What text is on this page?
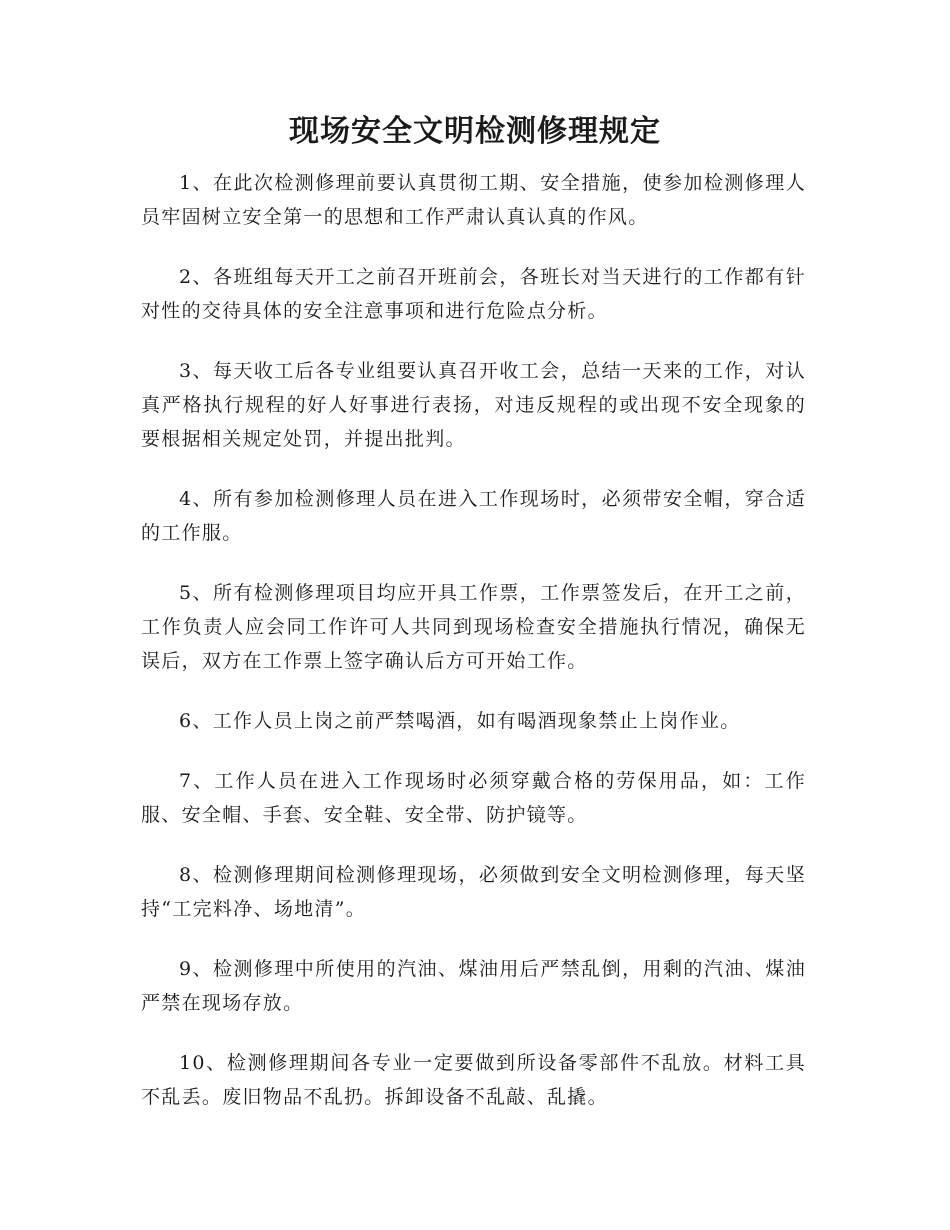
现场安全文明检测修理规定

1、在此次检测修理前要认真贯彻工期、安全措施，使参加检测修理人员牢固树立安全第一的思想和工作严肃认真认真的作风。

2、各班组每天开工之前召开班前会，各班长对当天进行的工作都有针对性的交待具体的安全注意事项和进行危险点分析。

3、每天收工后各专业组要认真召开收工会，总结一天来的工作，对认真严格执行规程的好人好事进行表扬，对违反规程的或出现不安全现象的要根据相关规定处罚，并提出批判。

4、所有参加检测修理人员在进入工作现场时，必须带安全帽，穿合适的工作服。

5、所有检测修理项目均应开具工作票，工作票签发后，在开工之前，工作负责人应会同工作许可人共同到现场检查安全措施执行情况，确保无误后，双方在工作票上签字确认后方可开始工作。

6、工作人员上岗之前严禁喝酒，如有喝酒现象禁止上岗作业。

7、工作人员在进入工作现场时必须穿戴合格的劳保用品，如：工作服、安全帽、手套、安全鞋、安全带、防护镜等。

8、检测修理期间检测修理现场，必须做到安全文明检测修理，每天坚持“工完料净、场地清”。

9、检测修理中所使用的汽油、煤油用后严禁乱倒，用剩的汽油、煤油严禁在现场存放。

10、检测修理期间各专业一定要做到所设备零部件不乱放。材料工具不乱丢。废旧物品不乱扔。拆卸设备不乱敲、乱撬。
